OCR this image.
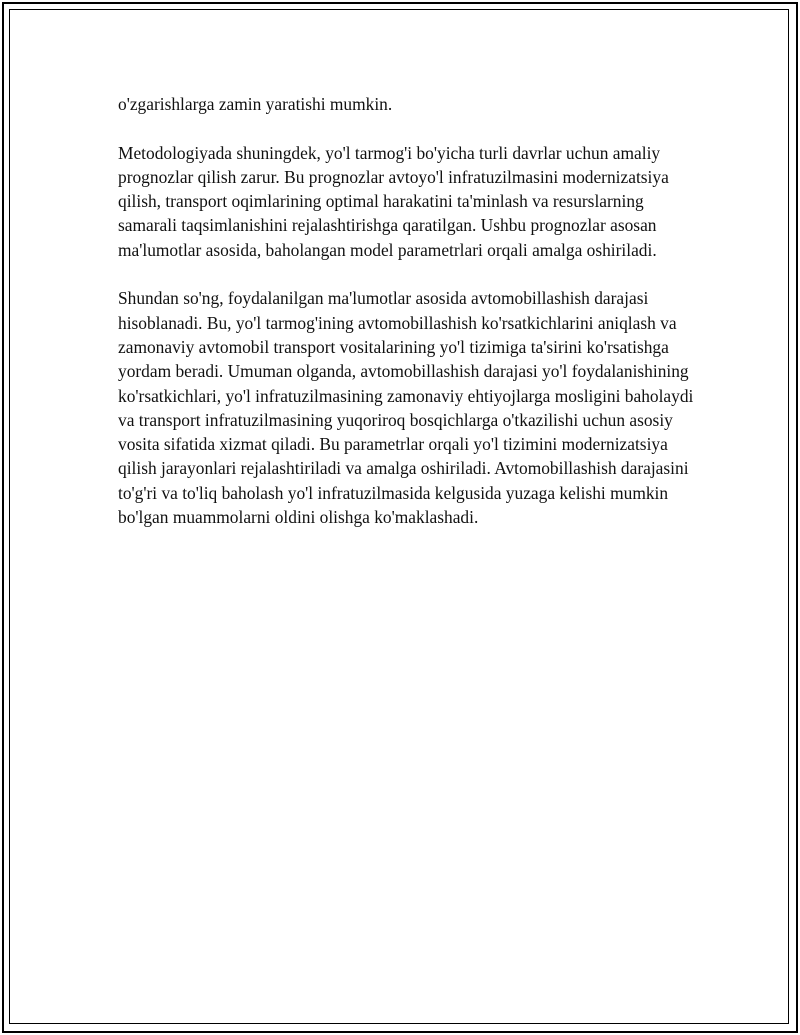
o'zgarishlarga zamin yaratishi mumkin.

Metodologiyada shuningdek, yo'l tarmog'i bo'yicha turli davrlar uchun amaliy prognozlar qilish zarur. Bu prognozlar avtoyo'l infratuzilmasini modernizatsiya qilish, transport oqimlarining optimal harakatini ta'minlash va resurslarning samarali taqsimlanishini rejalashtirishga qaratilgan. Ushbu prognozlar asosan ma'lumotlar asosida, baholangan model parametrlari orqali amalga oshiriladi.

Shundan so'ng, foydalanilgan ma'lumotlar asosida avtomobillashish darajasi hisoblanadi. Bu, yo'l tarmog'ining avtomobillashish ko'rsatkichlarini aniqlash va zamonaviy avtomobil transport vositalarining yo'l tizimiga ta'sirini ko'rsatishga yordam beradi. Umuman olganda, avtomobillashish darajasi yo'l foydalanishining ko'rsatkichlari, yo'l infratuzilmasining zamonaviy ehtiyojlarga mosligini baholaydi va transport infratuzilmasining yuqoriroq bosqichlarga o'tkazilishi uchun asosiy vosita sifatida xizmat qiladi. Bu parametrlar orqali yo'l tizimini modernizatsiya qilish jarayonlari rejalashtiriladi va amalga oshiriladi. Avtomobillashish darajasini to'g'ri va to'liq baholash yo'l infratuzilmasida kelgusida yuzaga kelishi mumkin bo'lgan muammolarni oldini olishga ko'maklashadi.
